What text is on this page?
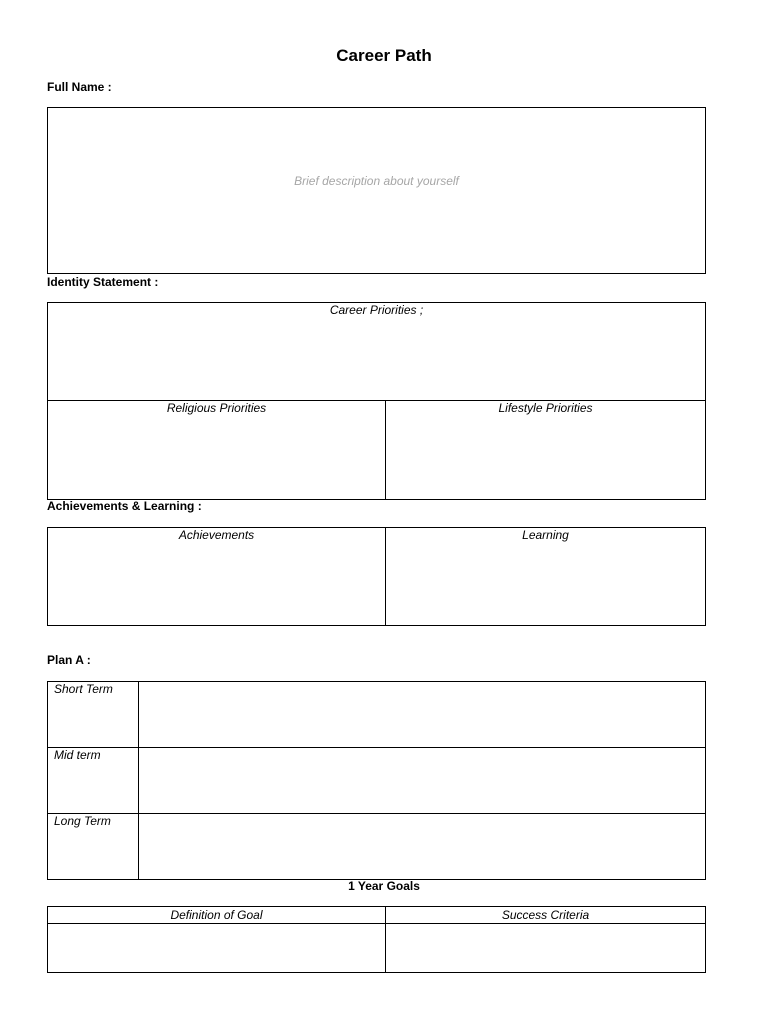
Career Path
Full Name :
Brief description about yourself
Identity Statement :
Career Priorities ;
Religious Priorities	Lifestyle Priorities
Achievements & Learning :
Achievements	Learning
Plan A :
Short Term
Mid term
Long Term
1 Year Goals
Definition of Goal	Success Criteria
